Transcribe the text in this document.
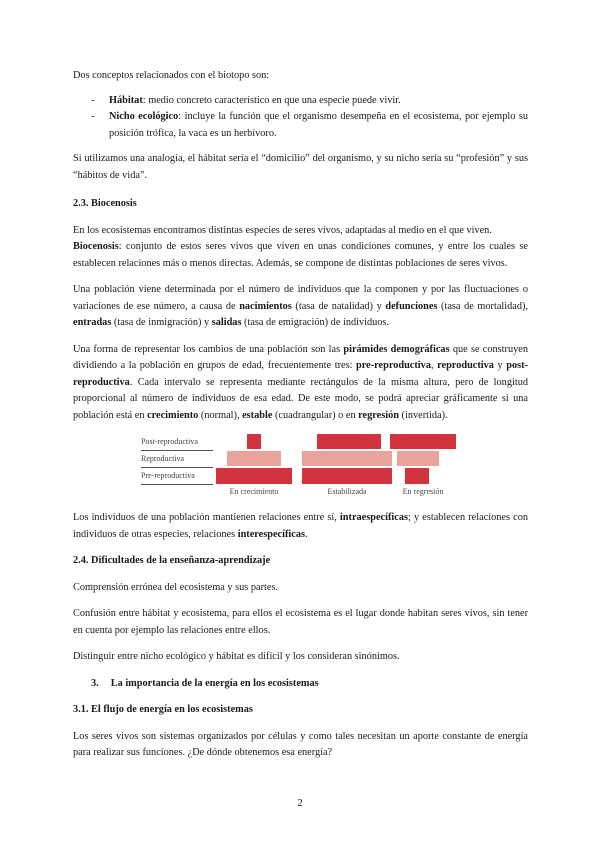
Dos conceptos relacionados con el biotopo son:

- Hábitat: medio concreto característico en que una especie puede vivir.
- Nicho ecológico: incluye la función que el organismo desempeña en el ecosistema, por ejemplo su posición trófica, la vaca es un herbívoro.

Si utilizamos una analogía, el hábitat sería el “domicilio” del organismo, y su nicho sería su “profesión” y sus “hábitos de vida”.

2.3. Biocenosis

En los ecosistemas encontramos distintas especies de seres vivos, adaptadas al medio en el que viven.

Biocenosis: conjunto de estos seres vivos que viven en unas condiciones comunes, y entre los cuales se establecen relaciones más o menos directas. Además, se compone de distintas poblaciones de seres vivos.

Una población viene determinada por el número de individuos que la componen y por las fluctuaciones o variaciones de ese número, a causa de nacimientos (tasa de natalidad) y defunciones (tasa de mortalidad), entradas (tasa de inmigración) y salidas (tasa de emigración) de individuos.

Una forma de representar los cambios de una población son las pirámides demográficas que se construyen dividiendo a la población en grupos de edad, frecuentemente tres: pre-reproductiva, reproductiva y post-reproductiva. Cada intervalo se representa mediante rectángulos de la misma altura, pero de longitud proporcional al número de individuos de esa edad. De este modo, se podrá apreciar gráficamente si una población está en crecimiento (normal), estable (cuadrangular) o en regresión (invertida).

Post-reproductiva
Reproductiva
Pre-reproductiva
En crecimiento	Estabilizada	En regresión

Los individuos de una población mantienen relaciones entre sí, intraespecíficas; y establecen relaciones con individuos de otras especies, relaciones interespecíficas.

2.4. Dificultades de la enseñanza-aprendizaje

Comprensión errónea del ecosistema y sus partes.

Confusión entre hábitat y ecosistema, para ellos el ecosistema es el lugar donde habitan seres vivos, sin tener en cuenta por ejemplo las relaciones entre ellos.

Distinguir entre nicho ecológico y hábitat es difícil y los consideran sinónimos.

3. La importancia de la energía en los ecosistemas
3.1. El flujo de energía en los ecosistemas

Los seres vivos son sistemas organizados por células y como tales necesitan un aporte constante de energía para realizar sus funciones. ¿De dónde obtenemos esa energía?

2
